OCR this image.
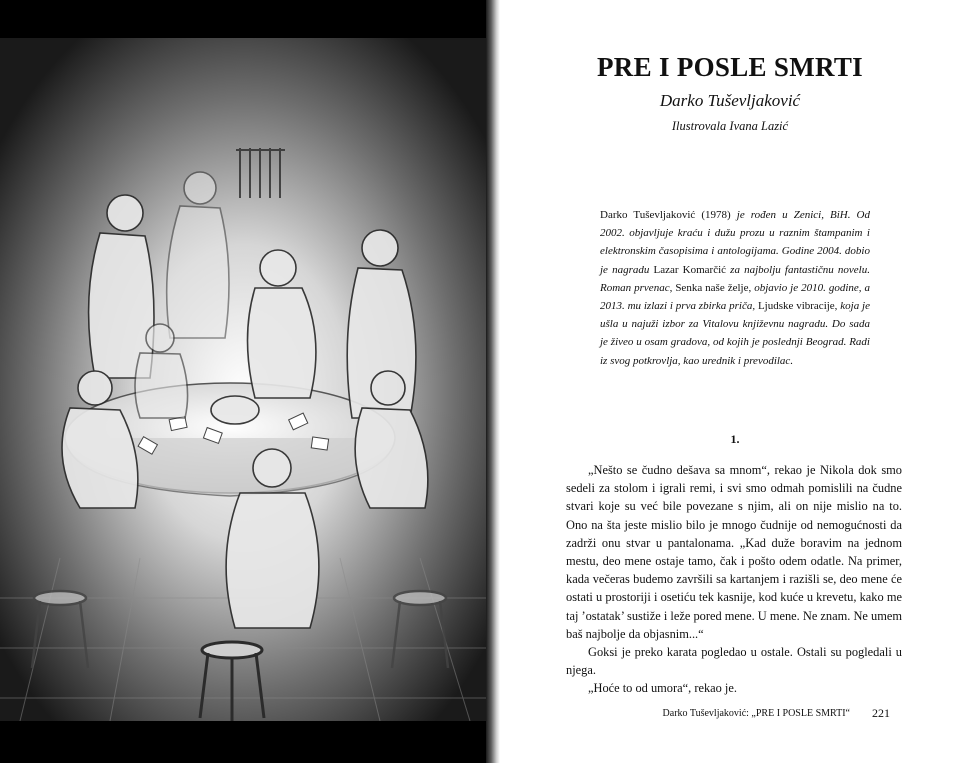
PRE I POSLE SMRTI

Darko Tuševljaković

Ilustrovala Ivana Lazić

Darko Tuševljaković (1978) je rođen u Zenici, BiH. Od 2002. objavljuje kraću i dužu prozu u raznim štampanim i elektronskim časopisima i antologijama. Godine 2004. dobio je nagradu Lazar Komarčić za najbolju fantastičnu novelu. Roman prvenac, Senka naše želje, objavio je 2010. godine, a 2013. mu izlazi i prva zbirka priča, Ljudske vibracije, koja je ušla u najuži izbor za Vitalovu književnu nagradu. Do sada je živeo u osam gradova, od kojih je poslednji Beograd. Radi iz svog potkrovlja, kao urednik i prevodilac.

1.

„Nešto se čudno dešava sa mnom“, rekao je Nikola dok smo sedeli za stolom i igrali remi, i svi smo odmah pomislili na čudne stvari koje su već bile povezane s njim, ali on nije mislio na to. Ono na šta jeste mislio bilo je mnogo čudnije od nemogućnosti da zadrži onu stvar u pantalonama. „Kad duže boravim na jednom mestu, deo mene ostaje tamo, čak i pošto odem odatle. Na primer, kada večeras budemo završili sa kartanjem i razišli se, deo mene će ostati u prostoriji i osetiću tek kasnije, kod kuće u krevetu, kako me taj ’ostatak’ sustiže i leže pored mene. U mene. Ne znam. Ne umem baš najbolje da objasnim...“

Goksi je preko karata pogledao u ostale. Ostali su pogledali u njega.

„Hoće to od umora“, rekao je.

Darko Tuševljaković: „PRE I POSLE SMRTI“ 221
